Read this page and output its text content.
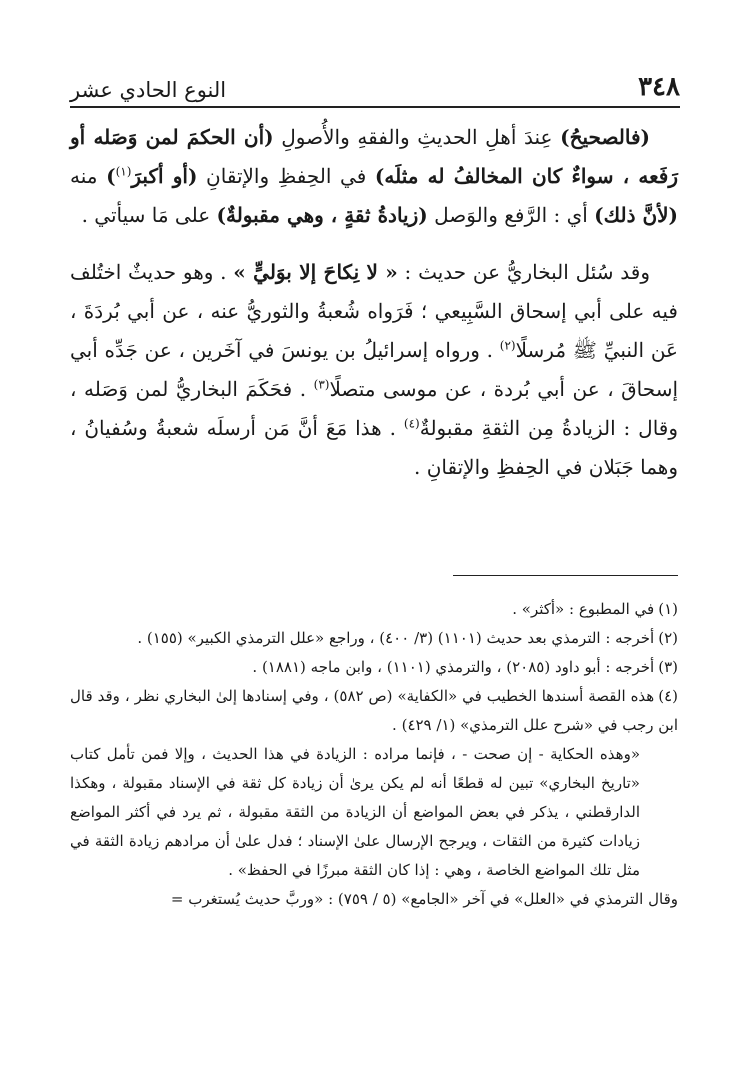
٣٤٨
النوع الحادي عشر

(فالصحيحُ) عِندَ أهلِ الحديثِ والفقهِ والأُصولِ (أن الحكمَ لمن وَصَله أو رَفَعه ، سواءٌ كان المخالفُ له مثلَه) في الحِفظِ والإتقانِ (أو أكبرَ$^{(١)}$) منه (لأنَّ ذلك) أي : الرَّفع والوَصل (زيادةُ ثقةٍ ، وهي مقبولةٌ) على مَا سيأتي .

وقد سُئل البخاريُّ عن حديث : « لا نِكاحَ إلا بوَليٍّ » . وهو حديثٌ اختُلف فيه على أبي إسحاق السَّبِيعي ؛ فَرَواه شُعبةُ والثوريُّ عنه ، عن أبي بُردَةَ ، عَن النبيِّ ﷺ مُرسلًا$^{(٢)}$ . ورواه إسرائيلُ بن يونسَ في آخَرين ، عن جَدِّه أبي إسحاقَ ، عن أبي بُردة ، عن موسى متصلًا$^{(٣)}$ . فحَكَمَ البخاريُّ لمن وَصَله ، وقال : الزيادةُ مِن الثقةِ مقبولةٌ$^{(٤)}$ . هذا مَعَ أنَّ مَن أرسلَه شعبةُ وسُفيانُ ، وهما جَبَلان في الحِفظِ والإتقانِ .

(١)في المطبوع : «أكثر» .

(٢)أخرجه : الترمذي بعد حديث (١١٠١) (٣/ ٤٠٠) ، وراجع «علل الترمذي الكبير» (١٥٥) .

(٣)أخرجه : أبو داود (٢٠٨٥) ، والترمذي (١١٠١) ، وابن ماجه (١٨٨١) .

(٤)هذه القصة أسندها الخطيب في «الكفاية» (ص ٥٨٢) ، وفي إسنادها إلىٰ البخاري نظر ، وقد قال ابن رجب في «شرح علل الترمذي» (١/ ٤٢٩) .

«وهذه الحكاية - إن صحت - ، فإنما مراده : الزيادة في هذا الحديث ، وإلا فمن تأمل كتاب «تاريخ البخاري» تبين له قطعًا أنه لم يكن يرىٰ أن زيادة كل ثقة في الإسناد مقبولة ، وهكذا الدارقطني ، يذكر في بعض المواضع أن الزيادة من الثقة مقبولة ، ثم يرد في أكثر المواضع زيادات كثيرة من الثقات ، ويرجح الإرسال علىٰ الإسناد ؛ فدل علىٰ أن مرادهم زيادة الثقة في مثل تلك المواضع الخاصة ، وهي : إذا كان الثقة مبرزًا في الحفظ» .

وقال الترمذي في «العلل» في آخر «الجامع» (٥ / ٧٥٩) : «وربَّ حديث يُستغرب =
